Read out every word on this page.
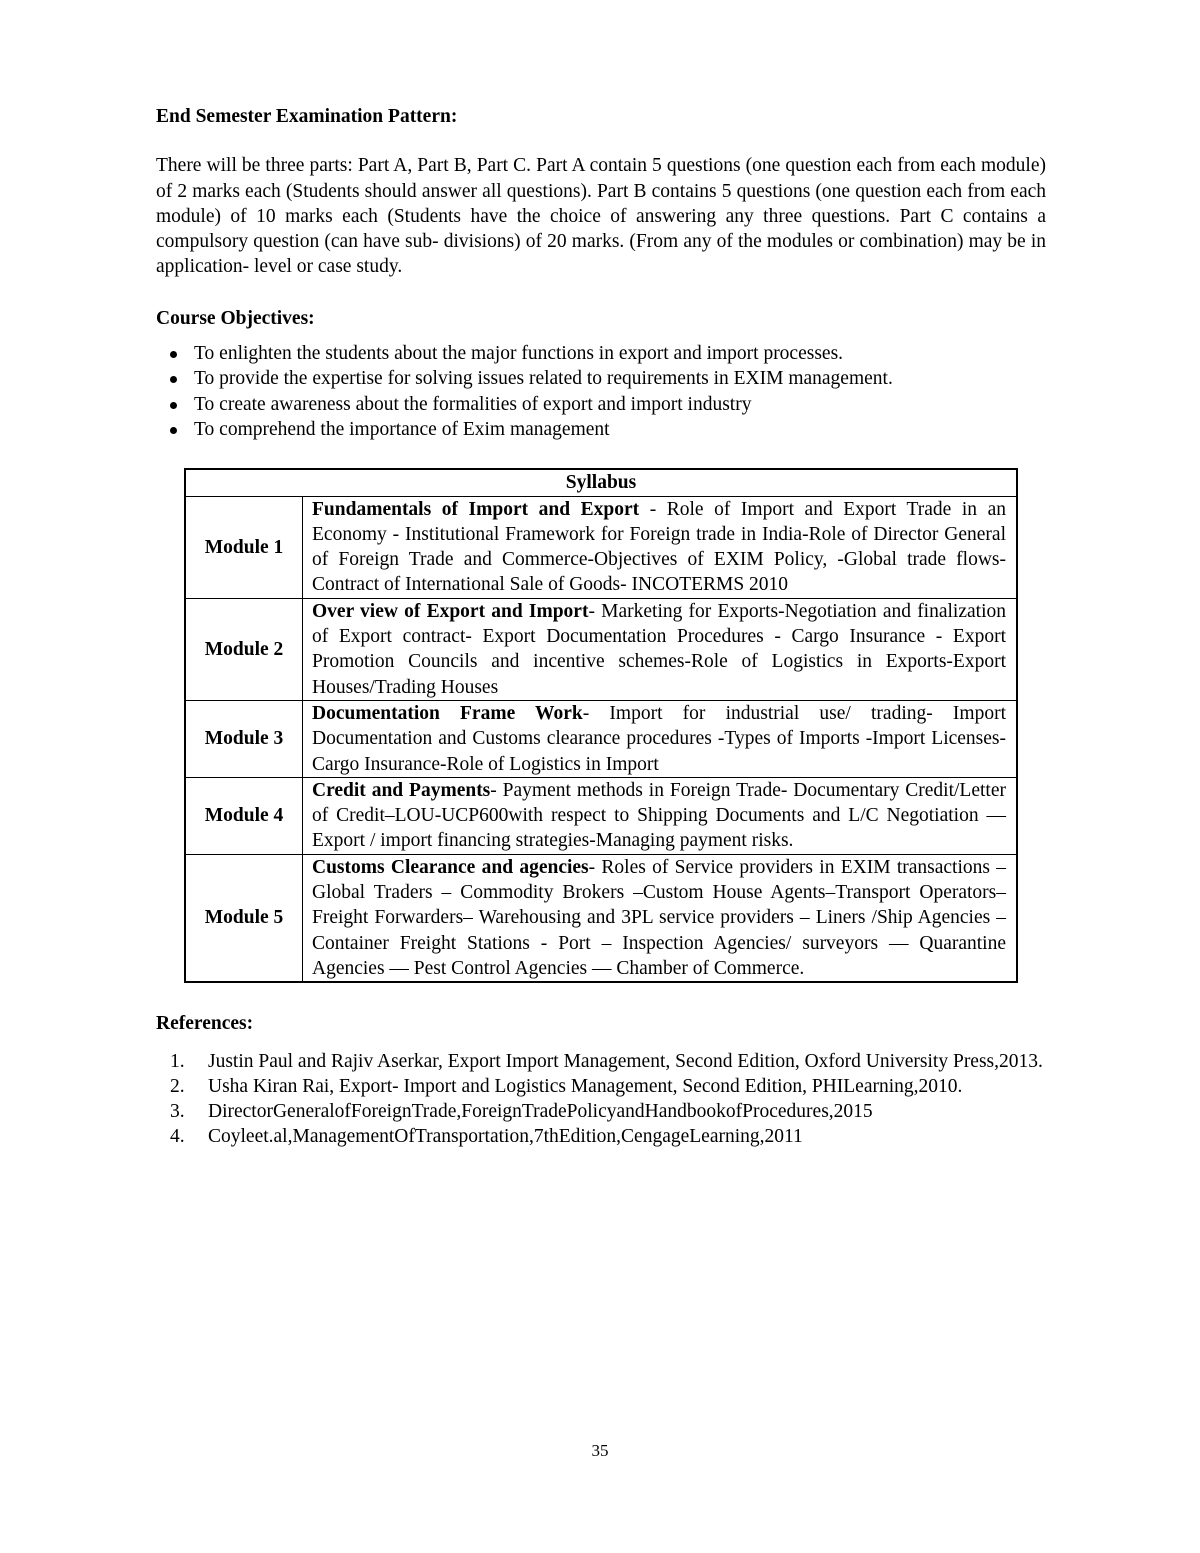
End Semester Examination Pattern:

There will be three parts: Part A, Part B, Part C. Part A contain 5 questions (one question each from each module) of 2 marks each (Students should answer all questions). Part B contains 5 questions (one question each from each module) of 10 marks each (Students have the choice of answering any three questions. Part C contains a compulsory question (can have sub- divisions) of 20 marks. (From any of the modules or combination) may be in application- level or case study.

Course Objectives:

To enlighten the students about the major functions in export and import processes.
To provide the expertise for solving issues related to requirements in EXIM management.
To create awareness about the formalities of export and import industry
To comprehend the importance of Exim management
Syllabus	
Module 1	Fundamentals of Import and Export - Role of Import and Export Trade in an Economy - Institutional Framework for Foreign trade in India-Role of Director General of Foreign Trade and Commerce-Objectives of EXIM Policy, -Global trade flows-Contract of International Sale of Goods- INCOTERMS 2010
Module 2	Over view of Export and Import- Marketing for Exports-Negotiation and finalization of Export contract- Export Documentation Procedures - Cargo Insurance - Export Promotion Councils and incentive schemes-Role of Logistics in Exports-Export Houses/Trading Houses
Module 3	Documentation Frame Work- Import for industrial use/ trading- Import Documentation and Customs clearance procedures -Types of Imports -Import Licenses-Cargo Insurance-Role of Logistics in Import
Module 4	Credit and Payments- Payment methods in Foreign Trade- Documentary Credit/Letter of Credit–LOU-UCP600with respect to Shipping Documents and L/C Negotiation — Export / import financing strategies-Managing payment risks.
Module 5	Customs Clearance and agencies- Roles of Service providers in EXIM transactions – Global Traders – Commodity Brokers –Custom House Agents–Transport Operators–Freight Forwarders– Warehousing and 3PL service providers – Liners /Ship Agencies – Container Freight Stations - Port – Inspection Agencies/ surveyors — Quarantine Agencies — Pest Control Agencies — Chamber of Commerce.

References:

1. Justin Paul and Rajiv Aserkar, Export Import Management, Second Edition, Oxford University Press,2013.
2. Usha Kiran Rai, Export- Import and Logistics Management, Second Edition, PHILearning,2010.
3. DirectorGeneralofForeignTrade,ForeignTradePolicyandHandbookofProcedures,2015
4. Coyleet.al,ManagementOfTransportation,7thEdition,CengageLearning,2011
35
